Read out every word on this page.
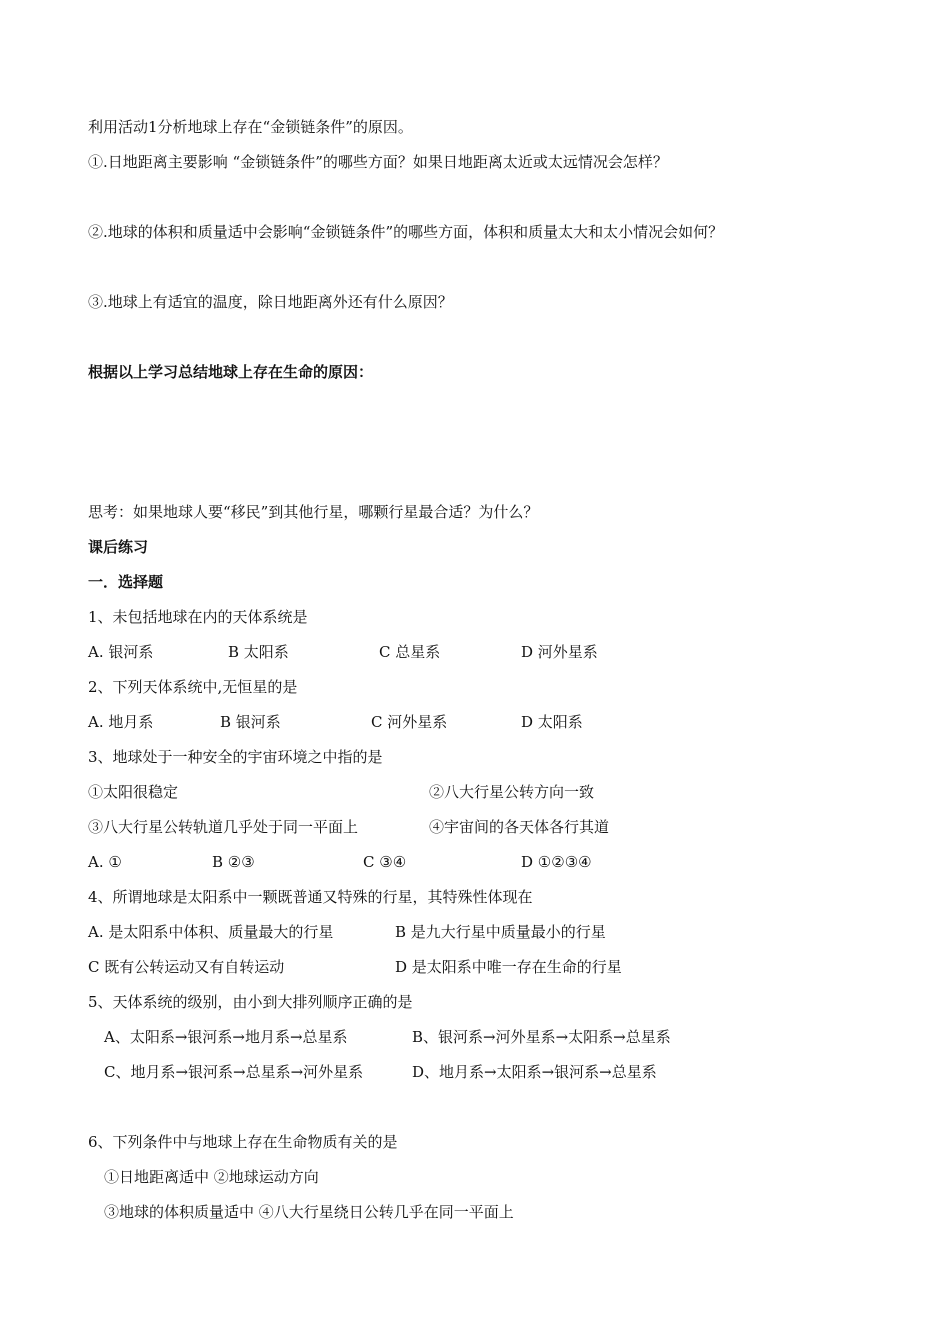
利用活动1分析地球上存在“金锁链条件”的原因。
①.日地距离主要影响 “金锁链条件”的哪些方面？如果日地距离太近或太远情况会怎样？
②.地球的体积和质量适中会影响“金锁链条件”的哪些方面，体积和质量太大和太小情况会如何？
③.地球上有适宜的温度，除日地距离外还有什么原因？
根据以上学习总结地球上存在生命的原因：
思考：如果地球人要“移民”到其他行星，哪颗行星最合适？为什么？
课后练习
一．选择题
1、未包括地球在内的天体系统是
A. 银河系	B 太阳系	C 总星系	D 河外星系
2、下列天体系统中,无恒星的是
A. 地月系	B 银河系	C 河外星系	D 太阳系
3、地球处于一种安全的宇宙环境之中指的是
①太阳很稳定	②八大行星公转方向一致
③八大行星公转轨道几乎处于同一平面上	④宇宙间的各天体各行其道
A. ①	B ②③	C ③④	D ①②③④
4、所谓地球是太阳系中一颗既普通又特殊的行星，其特殊性体现在
A. 是太阳系中体积、质量最大的行星	B 是九大行星中质量最小的行星
C 既有公转运动又有自转运动	D 是太阳系中唯一存在生命的行星
5、天体系统的级别，由小到大排列顺序正确的是
A、太阳系→银河系→地月系→总星系	B、银河系→河外星系→太阳系→总星系
C、地月系→银河系→总星系→河外星系	D、地月系→太阳系→银河系→总星系
6、下列条件中与地球上存在生命物质有关的是
①日地距离适中 ②地球运动方向
③地球的体积质量适中 ④八大行星绕日公转几乎在同一平面上
